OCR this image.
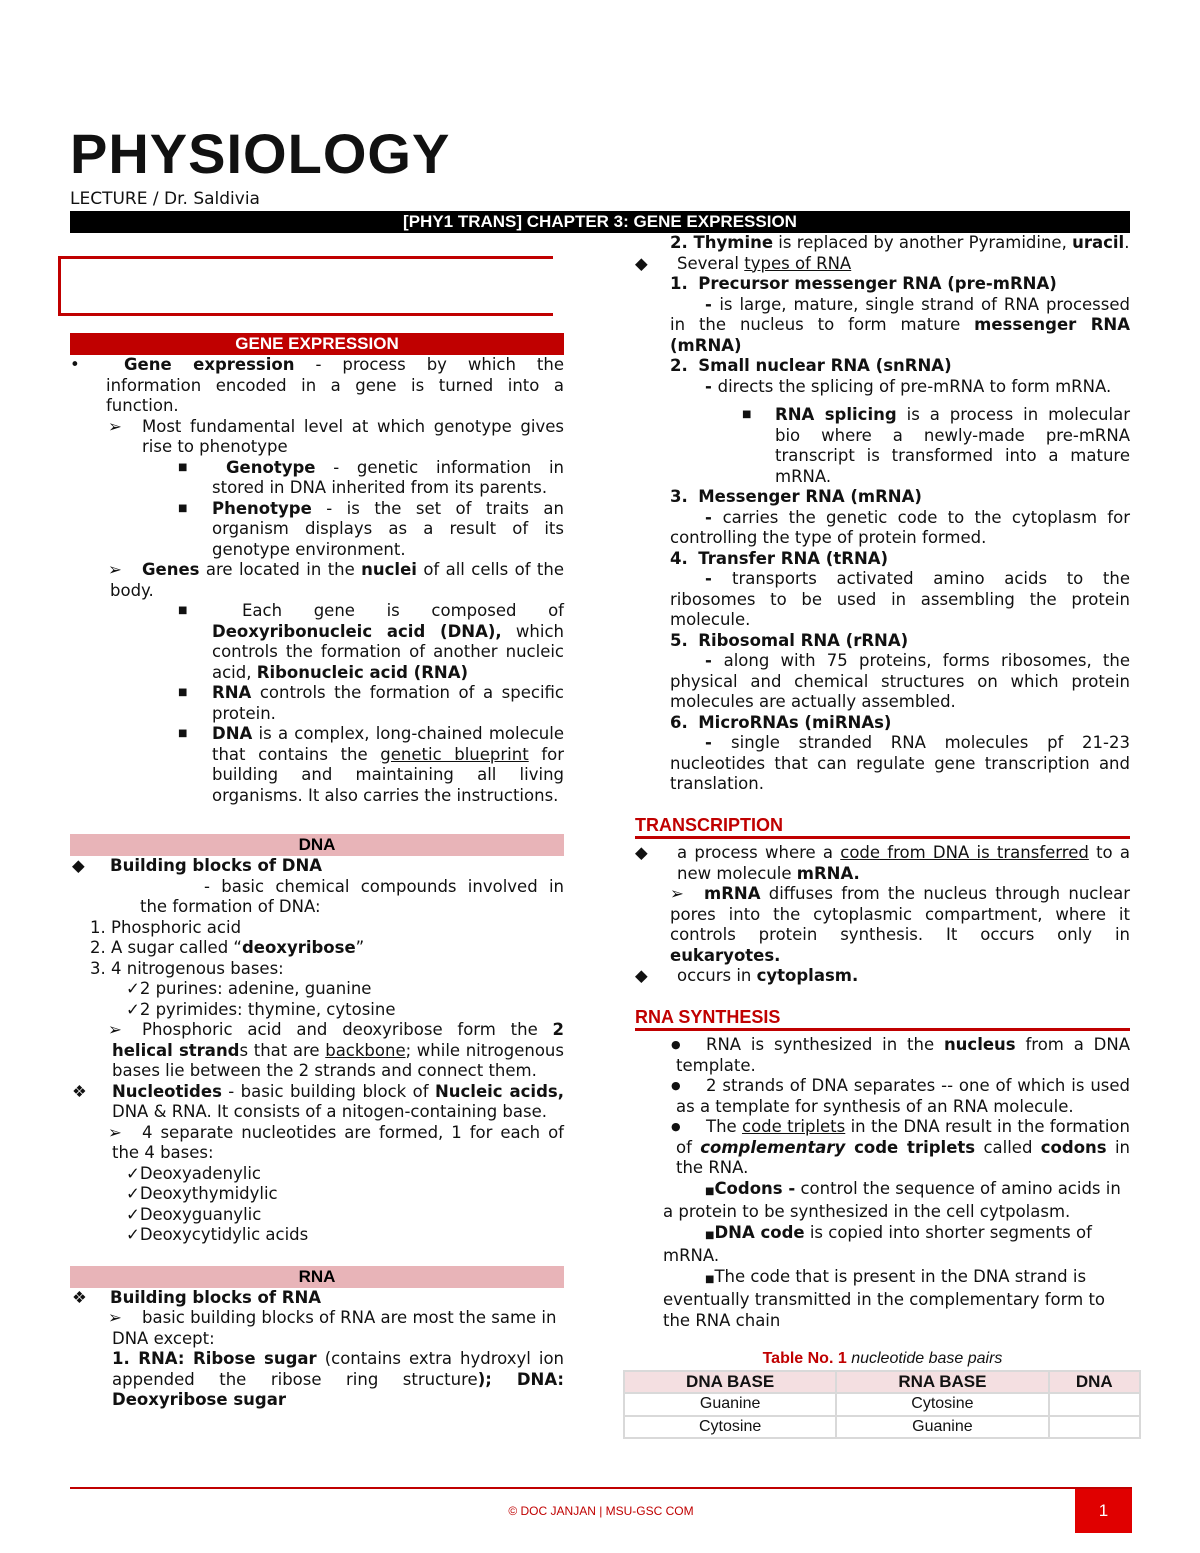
PHYSIOLOGY
LECTURE / Dr. Saldivia
[PHY1 TRANS] CHAPTER 3: GENE EXPRESSION
GENE EXPRESSION
•	Gene expression - process by which the information encoded in a gene is turned into a function.
➢ Most fundamental level at which genotype gives rise to phenotype
■ Genotype - genetic information in stored in DNA inherited from its parents.
■ Phenotype - is the set of traits an organism displays as a result of its genotype environment.
➢ Genes are located in the nuclei of all cells of the body.
■	Each gene is composed of Deoxyribonucleic acid (DNA), which controls the formation of another nucleic acid, Ribonucleic acid (RNA)
■ RNA controls the formation of a specific protein.
■ DNA is a complex, long-chained molecule that contains the genetic blueprint for building and maintaining all living organisms. It also carries the instructions.
DNA
◆ Building blocks of DNA
- basic chemical compounds involved in the formation of DNA:
1. Phosphoric acid
2. A sugar called “deoxyribose”
3. 4 nitrogenous bases:
✓2 purines: adenine, guanine
✓2 pyrimides: thymine, cytosine
➢ Phosphoric acid and deoxyribose form the 2 helical strands that are backbone; while nitrogenous bases lie between the 2 strands and connect them.
❖ Nucleotides - basic building block of Nucleic acids, DNA & RNA. It consists of a nitogen-containing base.
➢ 4 separate nucleotides are formed, 1 for each of the 4 bases:
✓Deoxyadenylic
✓Deoxythymidylic
✓Deoxyguanylic
✓Deoxycytidylic acids
RNA
❖ Building blocks of RNA
➢ basic building blocks of RNA are most the same in DNA except:
1. RNA: Ribose sugar (contains extra hydroxyl ion appended the ribose ring structure); DNA: Deoxyribose sugar
2. Thymine is replaced by another Pyramidine, uracil.
◆ Several types of RNA
1. Precursor messenger RNA (pre-mRNA)
- is large, mature, single strand of RNA processed in the nucleus to form mature messenger RNA (mRNA)
2. Small nuclear RNA (snRNA)
- directs the splicing of pre-mRNA to form mRNA.
■ RNA splicing is a process in molecular bio where a newly-made pre-mRNA transcript is transformed into a mature mRNA.
3. Messenger RNA (mRNA)
- carries the genetic code to the cytoplasm for controlling the type of protein formed.
4. Transfer RNA (tRNA)
- transports activated amino acids to the ribosomes to be used in assembling the protein molecule.
5. Ribosomal RNA (rRNA)
- along with 75 proteins, forms ribosomes, the physical and chemical structures on which protein molecules are actually assembled.
6. MicroRNAs (miRNAs)
- single stranded RNA molecules pf 21-23 nucleotides that can regulate gene transcription and translation.
TRANSCRIPTION
◆ a process where a code from DNA is transferred to a new molecule mRNA.
➢ mRNA diffuses from the nucleus through nuclear pores into the cytoplasmic compartment, where it controls protein synthesis. It occurs only in eukaryotes.
◆ occurs in cytoplasm.
RNA SYNTHESIS
● RNA is synthesized in the nucleus from a DNA template.
● 2 strands of DNA separates -- one of which is used as a template for synthesis of an RNA molecule.
● The code triplets in the DNA result in the formation of complementary code triplets called codons in the RNA.
■Codons - control the sequence of amino acids in a protein to be synthesized in the cell cytpolasm.
■DNA code is copied into shorter segments of mRNA.
■The code that is present in the DNA strand is eventually transmitted in the complementary form to the RNA chain
Table No. 1 nucleotide base pairs
DNA BASE	RNA BASE	DNA
Guanine	Cytosine	
Cytosine	Guanine	
© DOC JANJAN | MSU-GSC COM	1
